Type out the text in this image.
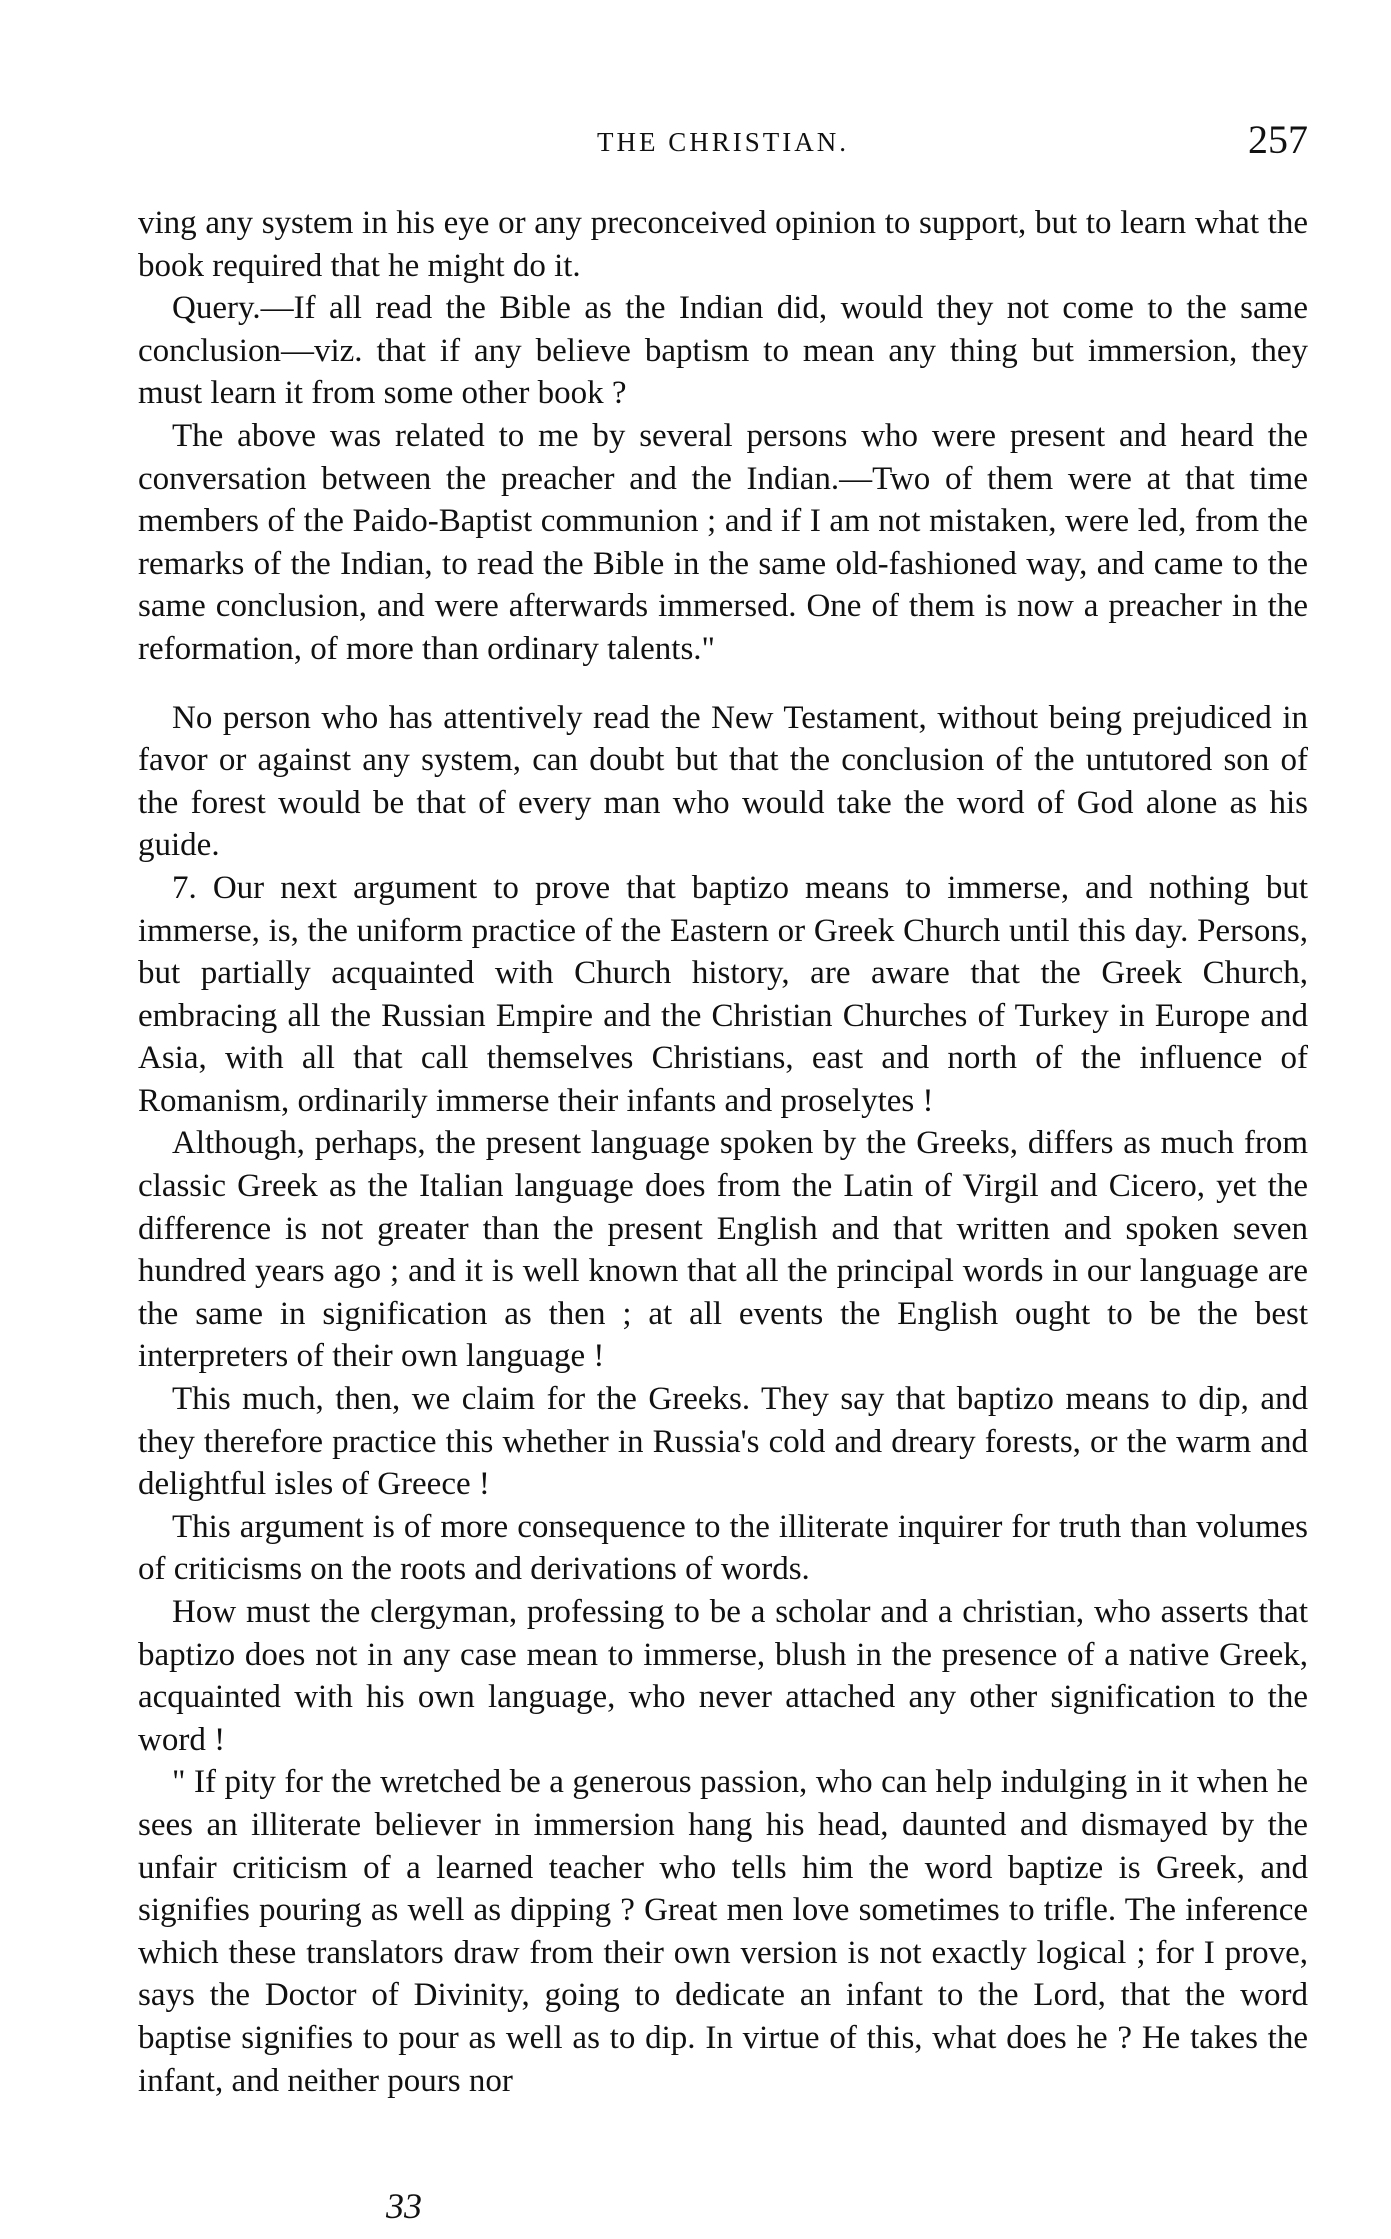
THE CHRISTIAN.	257

ving any system in his eye or any preconceived opinion to support, but to learn what the book required that he might do it.

Query.—If all read the Bible as the Indian did, would they not come to the same conclusion—viz. that if any believe baptism to mean any thing but immersion, they must learn it from some other book ?

The above was related to me by several persons who were present and heard the conversation between the preacher and the Indian.—Two of them were at that time members of the Paido-Baptist communion ; and if I am not mistaken, were led, from the remarks of the Indian, to read the Bible in the same old-fashioned way, and came to the same conclusion, and were afterwards immersed. One of them is now a preacher in the reformation, of more than ordinary talents."

No person who has attentively read the New Testament, without being prejudiced in favor or against any system, can doubt but that the conclusion of the untutored son of the forest would be that of every man who would take the word of God alone as his guide.

7. Our next argument to prove that baptizo means to immerse, and nothing but immerse, is, the uniform practice of the Eastern or Greek Church until this day. Persons, but partially acquainted with Church history, are aware that the Greek Church, embracing all the Russian Empire and the Christian Churches of Turkey in Europe and Asia, with all that call themselves Christians, east and north of the influence of Romanism, ordinarily immerse their infants and proselytes !

Although, perhaps, the present language spoken by the Greeks, differs as much from classic Greek as the Italian language does from the Latin of Virgil and Cicero, yet the difference is not greater than the present English and that written and spoken seven hundred years ago ; and it is well known that all the principal words in our language are the same in signification as then ; at all events the English ought to be the best interpreters of their own language !

This much, then, we claim for the Greeks. They say that baptizo means to dip, and they therefore practice this whether in Russia's cold and dreary forests, or the warm and delightful isles of Greece !

This argument is of more consequence to the illiterate inquirer for truth than volumes of criticisms on the roots and derivations of words.

How must the clergyman, professing to be a scholar and a christian, who asserts that baptizo does not in any case mean to immerse, blush in the presence of a native Greek, acquainted with his own language, who never attached any other signification to the word !

" If pity for the wretched be a generous passion, who can help indulging in it when he sees an illiterate believer in immersion hang his head, daunted and dismayed by the unfair criticism of a learned teacher who tells him the word baptize is Greek, and signifies pouring as well as dipping ? Great men love sometimes to trifle. The inference which these translators draw from their own version is not exactly logical ; for I prove, says the Doctor of Divinity, going to dedicate an infant to the Lord, that the word baptise signifies to pour as well as to dip. In virtue of this, what does he ? He takes the infant, and neither pours nor

33
